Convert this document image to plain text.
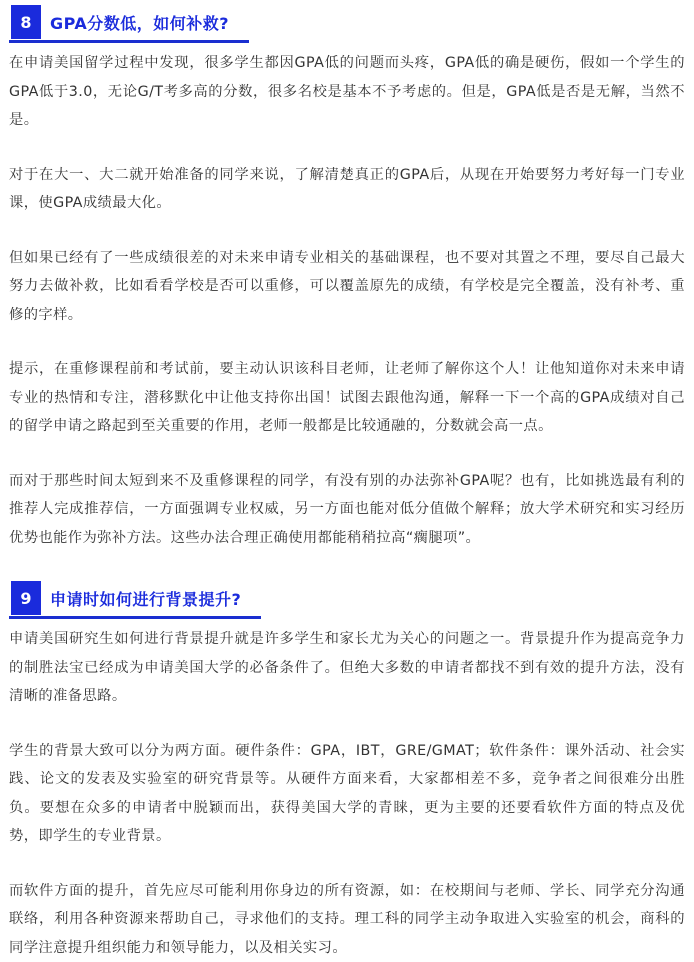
8	GPA分数低，如何补救?

在申请美国留学过程中发现，很多学生都因GPA低的问题而头疼，GPA低的确是硬伤，假如一个学生的GPA低于3.0，无论G/T考多高的分数，很多名校是基本不予考虑的。但是，GPA低是否是无解，当然不是。

对于在大一、大二就开始准备的同学来说，了解清楚真正的GPA后，从现在开始要努力考好每一门专业课，使GPA成绩最大化。

但如果已经有了一些成绩很差的对未来申请专业相关的基础课程，也不要对其置之不理，要尽自己最大努力去做补救，比如看看学校是否可以重修，可以覆盖原先的成绩，有学校是完全覆盖，没有补考、重修的字样。

提示，在重修课程前和考试前，要主动认识该科目老师，让老师了解你这个人！让他知道你对未来申请专业的热情和专注，潜移默化中让他支持你出国！试图去跟他沟通，解释一下一个高的GPA成绩对自己的留学申请之路起到至关重要的作用，老师一般都是比较通融的，分数就会高一点。

而对于那些时间太短到来不及重修课程的同学，有没有别的办法弥补GPA呢？也有，比如挑选最有利的推荐人完成推荐信，一方面强调专业权威，另一方面也能对低分值做个解释；放大学术研究和实习经历优势也能作为弥补方法。这些办法合理正确使用都能稍稍拉高“瘸腿项”。

9	申请时如何进行背景提升?

申请美国研究生如何进行背景提升就是许多学生和家长尤为关心的问题之一。背景提升作为提高竞争力的制胜法宝已经成为申请美国大学的必备条件了。但绝大多数的申请者都找不到有效的提升方法，没有清晰的准备思路。

学生的背景大致可以分为两方面。硬件条件：GPA，IBT，GRE/GMAT；软件条件：课外活动、社会实践、论文的发表及实验室的研究背景等。从硬件方面来看，大家都相差不多，竞争者之间很难分出胜负。要想在众多的申请者中脱颖而出，获得美国大学的青睐，更为主要的还要看软件方面的特点及优势，即学生的专业背景。

而软件方面的提升，首先应尽可能利用你身边的所有资源，如：在校期间与老师、学长、同学充分沟通联络，利用各种资源来帮助自己，寻求他们的支持。理工科的同学主动争取进入实验室的机会，商科的同学注意提升组织能力和领导能力，以及相关实习。
